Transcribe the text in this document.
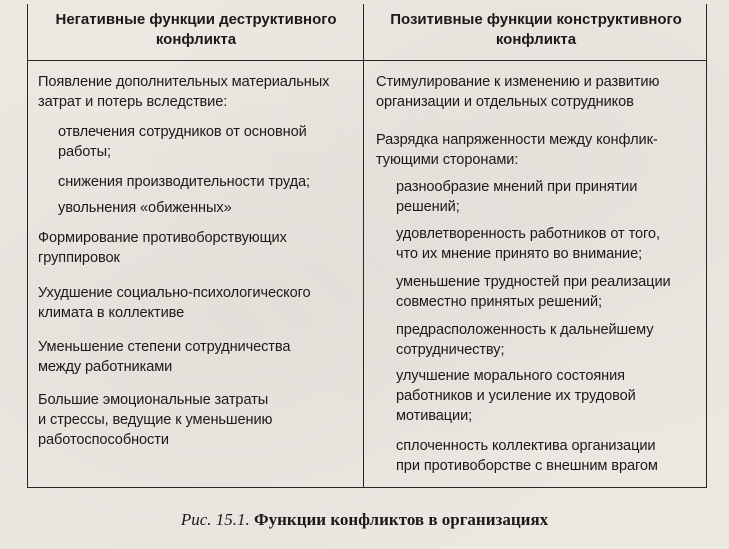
Негативные функции деструктивного
конфликта
Позитивные функции конструктивного
конфликта
Появление дополнительных материальных
затрат и потерь вследствие:
отвлечения сотрудников от основной
работы;
снижения производительности труда;
увольнения «обиженных»
Формирование противоборствующих
группировок
Ухудшение социально-психологического
климата в коллективе
Уменьшение степени сотрудничества
между работниками
Большие эмоциональные затраты
и стрессы, ведущие к уменьшению
работоспособности
Стимулирование к изменению и развитию
организации и отдельных сотрудников
Разрядка напряженности между конфлик-
тующими сторонами:
разнообразие мнений при принятии
решений;
удовлетворенность работников от того,
что их мнение принято во внимание;
уменьшение трудностей при реализации
совместно принятых решений;
предрасположенность к дальнейшему
сотрудничеству;
улучшение морального состояния
работников и усиление их трудовой
мотивации;
сплоченность коллектива организации
при противоборстве с внешним врагом
Рис. 15.1. Функции конфликтов в организациях
